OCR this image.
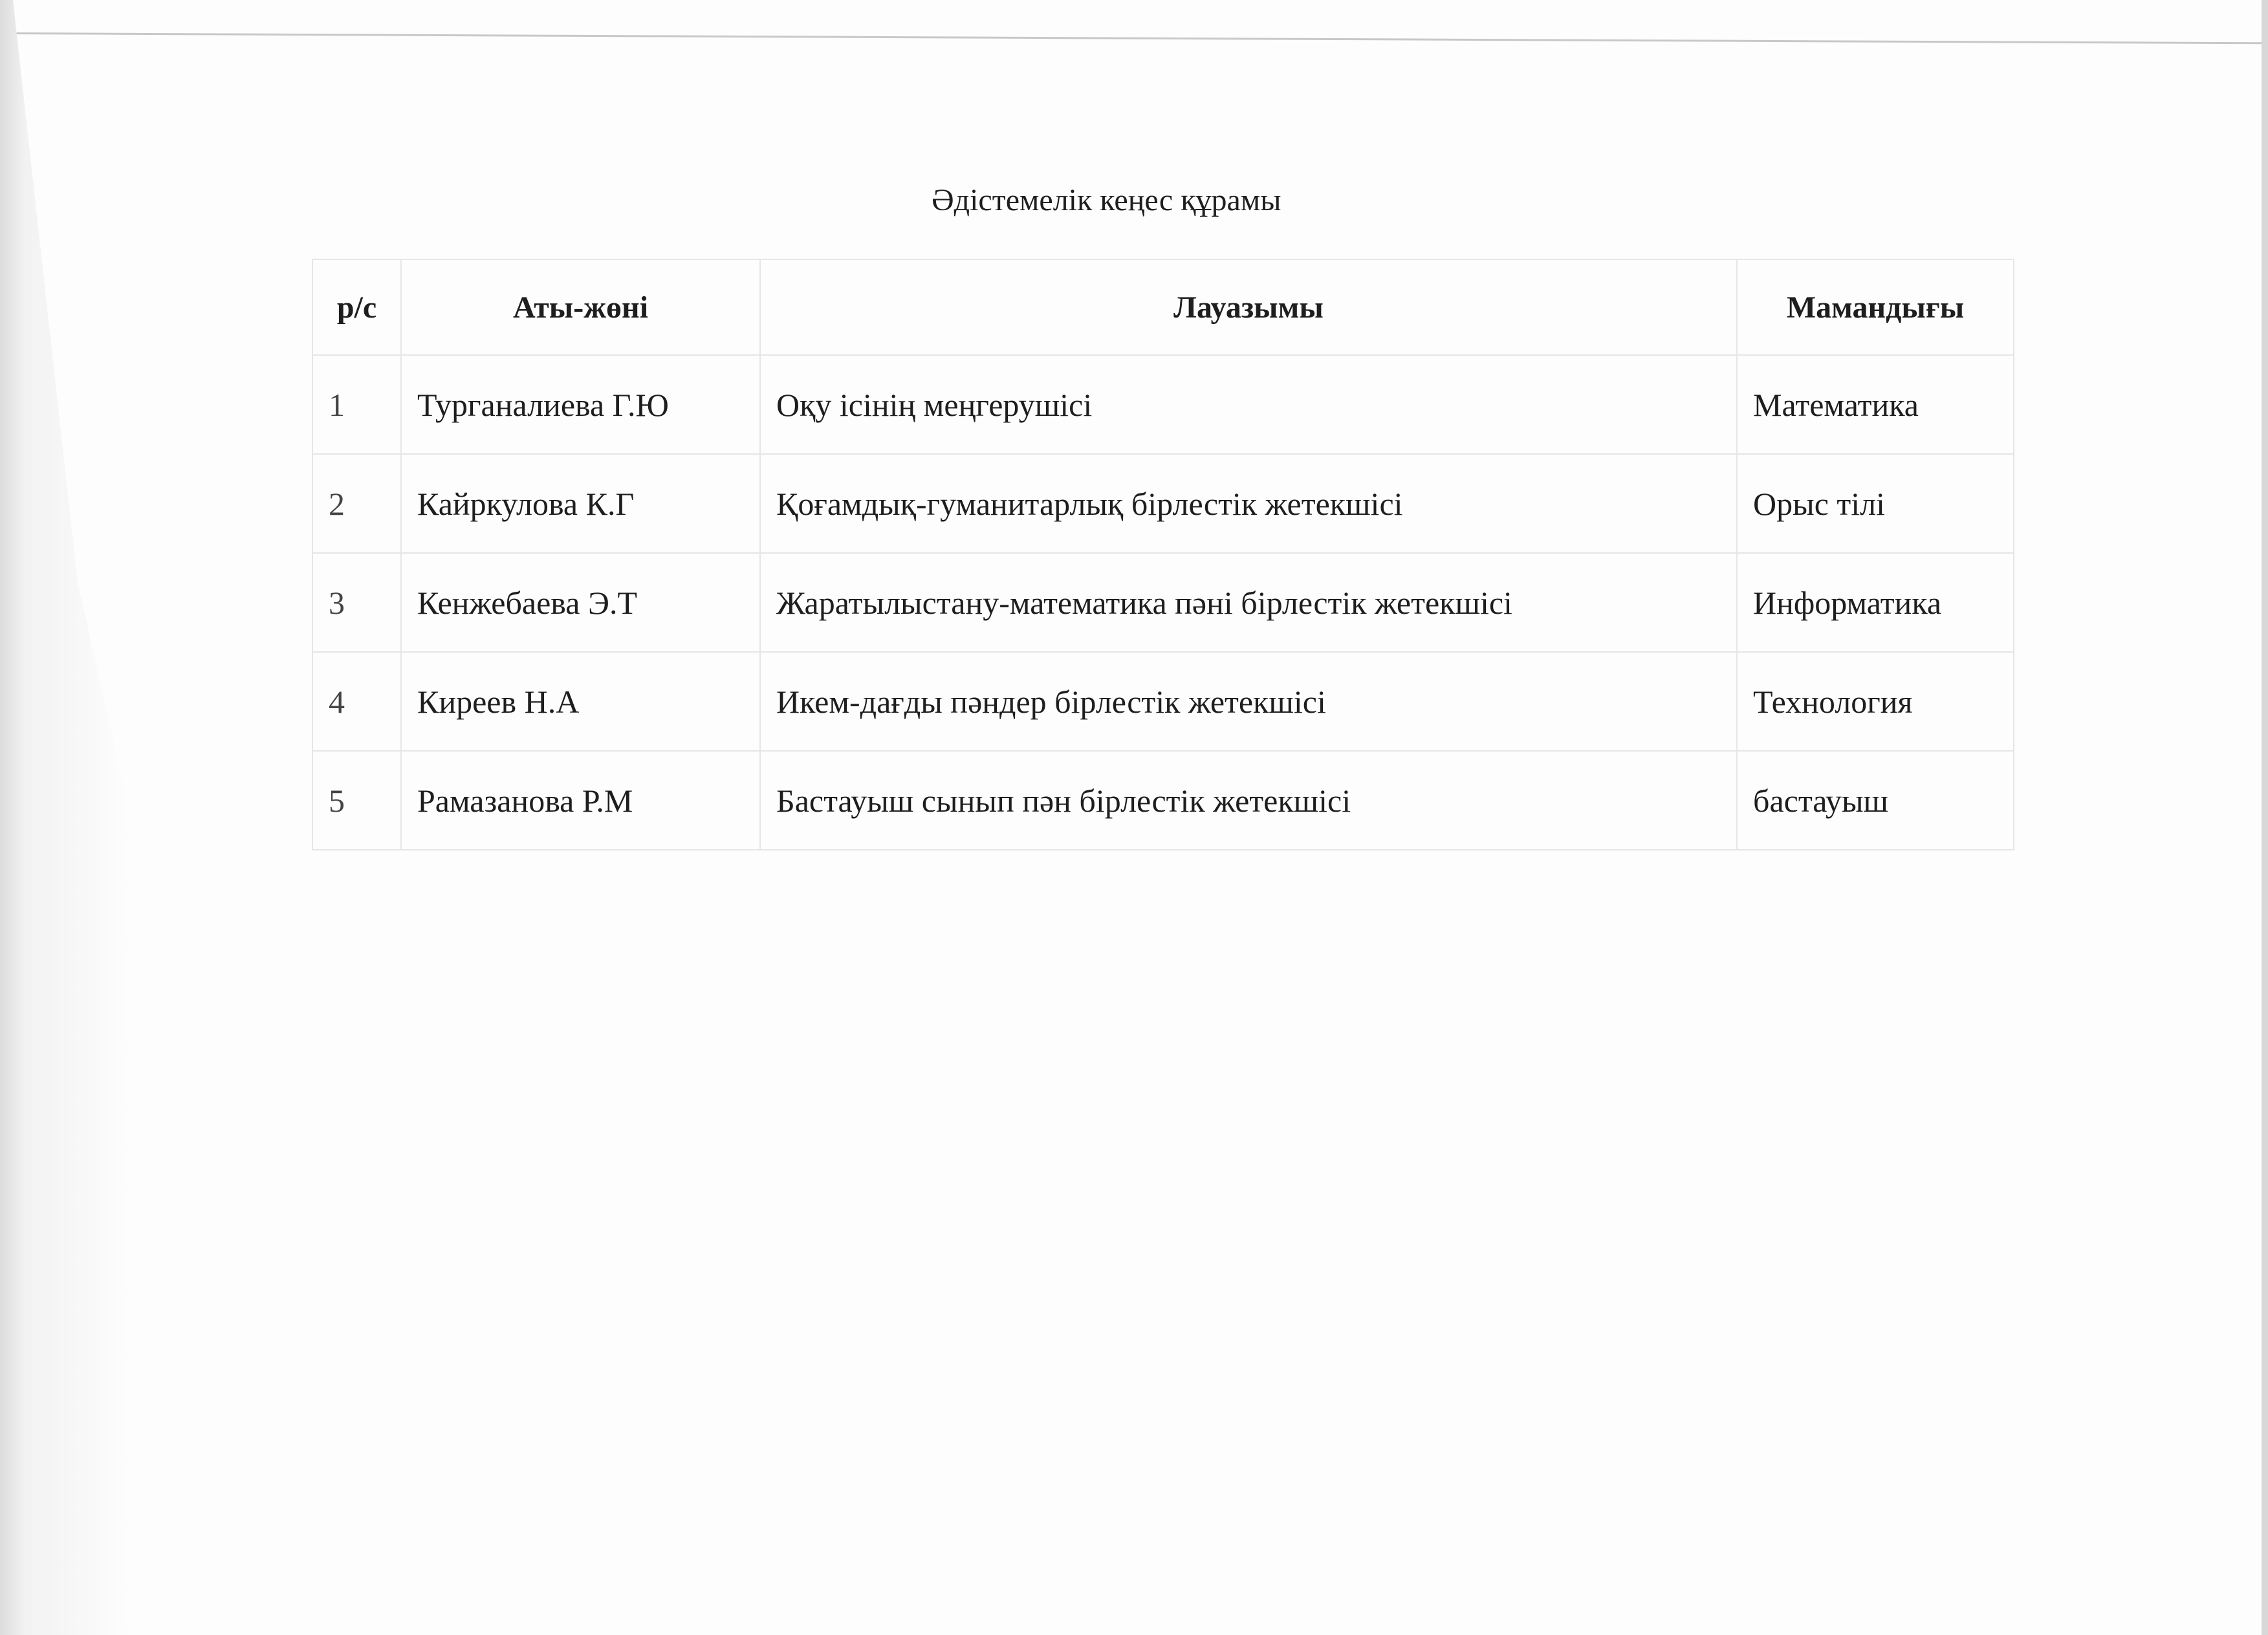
Әдістемелік кеңес құрамы
р/с	Аты-жөні	Лауазымы	Мамандығы
1	Турганалиева Г.Ю	Оқу ісінің меңгерушісі	Математика
2	Кайркулова К.Г	Қоғамдық-гуманитарлық бірлестік жетекшісі	Орыс тілі
3	Кенжебаева Э.Т	Жаратылыстану-математика пәні бірлестік жетекшісі	Информатика
4	Киреев Н.А	Икем-дағды пәндер бірлестік жетекшісі	Технология
5	Рамазанова Р.М	Бастауыш сынып пән бірлестік жетекшісі	бастауыш
